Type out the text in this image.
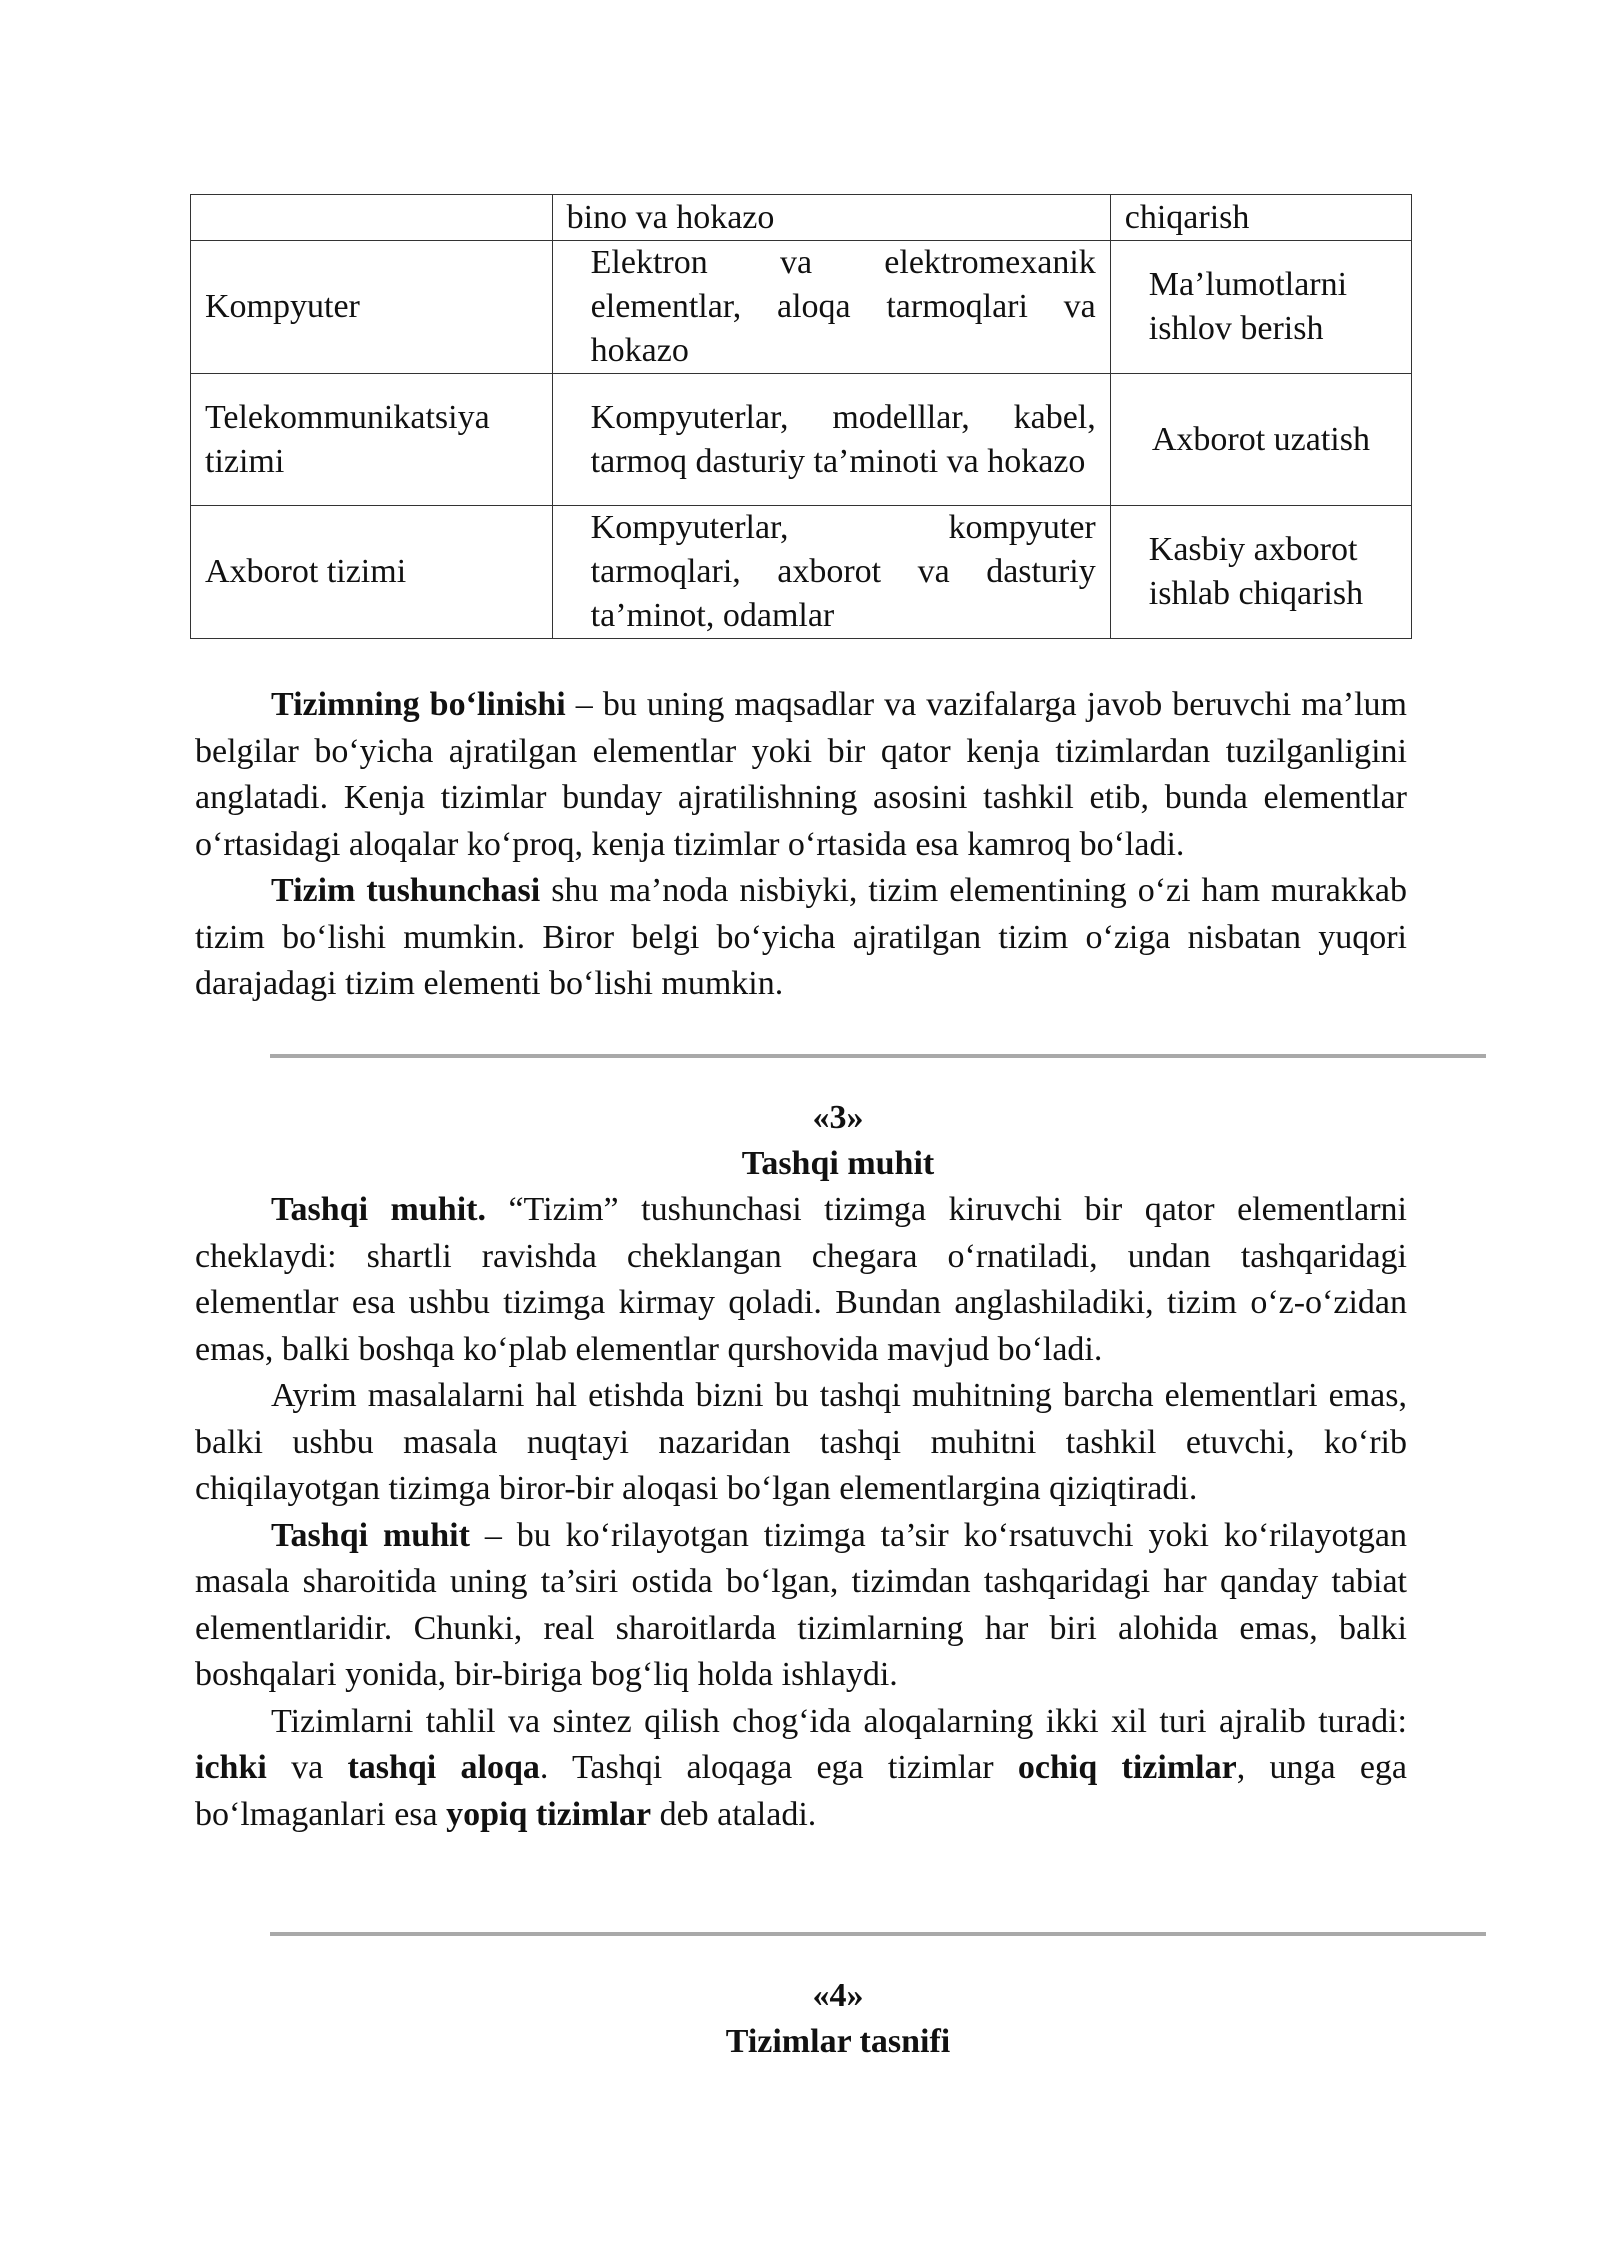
	bino va hokazo	chiqarish
Kompyuter	Elektron va elektromexanik elementlar, aloqa tarmoqlari va hokazo	Ma’lumotlarni ishlov berish

Telekommunikatsiya tizimi	Kompyuterlar, modelllar, kabel, tarmoq dasturiy ta’minoti va hokazo	Axborot uzatish
Axborot tizimi	Kompyuterlar, kompyuter tarmoqlari, axborot va dasturiy ta’minot, odamlar	Kasbiy axborot ishlab chiqarish

Tizimning bo‘linishi – bu uning maqsadlar va vazifalarga javob beruvchi ma’lum belgilar bo‘yicha ajratilgan elementlar yoki bir qator kenja tizimlardan tuzilganligini anglatadi. Kenja tizimlar bunday ajratilishning asosini tashkil etib, bunda elementlar o‘rtasidagi aloqalar ko‘proq, kenja tizimlar o‘rtasida esa kamroq bo‘ladi.

Tizim tushunchasi shu ma’noda nisbiyki, tizim elementining o‘zi ham murakkab tizim bo‘lishi mumkin. Biror belgi bo‘yicha ajratilgan tizim o‘ziga nisbatan yuqori darajadagi tizim elementi bo‘lishi mumkin.

«3»
Tashqi muhit

Tashqi muhit. “Tizim” tushunchasi tizimga kiruvchi bir qator elementlarni cheklaydi: shartli ravishda cheklangan chegara o‘rnatiladi, undan tashqaridagi elementlar esa ushbu tizimga kirmay qoladi. Bundan anglashiladiki, tizim o‘z-o‘zidan emas, balki boshqa ko‘plab elementlar qurshovida mavjud bo‘ladi.

Ayrim masalalarni hal etishda bizni bu tashqi muhitning barcha elementlari emas, balki ushbu masala nuqtayi nazaridan tashqi muhitni tashkil etuvchi, ko‘rib chiqilayotgan tizimga biror-bir aloqasi bo‘lgan elementlargina qiziqtiradi.

Tashqi muhit – bu ko‘rilayotgan tizimga ta’sir ko‘rsatuvchi yoki ko‘rilayotgan masala sharoitida uning ta’siri ostida bo‘lgan, tizimdan tashqaridagi har qanday tabiat elementlaridir. Chunki, real sharoitlarda tizimlarning har biri alohida emas, balki boshqalari yonida, bir-biriga bog‘liq holda ishlaydi.

Tizimlarni tahlil va sintez qilish chog‘ida aloqalarning ikki xil turi ajralib turadi: ichki va tashqi aloqa. Tashqi aloqaga ega tizimlar ochiq tizimlar, unga ega bo‘lmaganlari esa yopiq tizimlar deb ataladi.

«4»
Tizimlar tasnifi
